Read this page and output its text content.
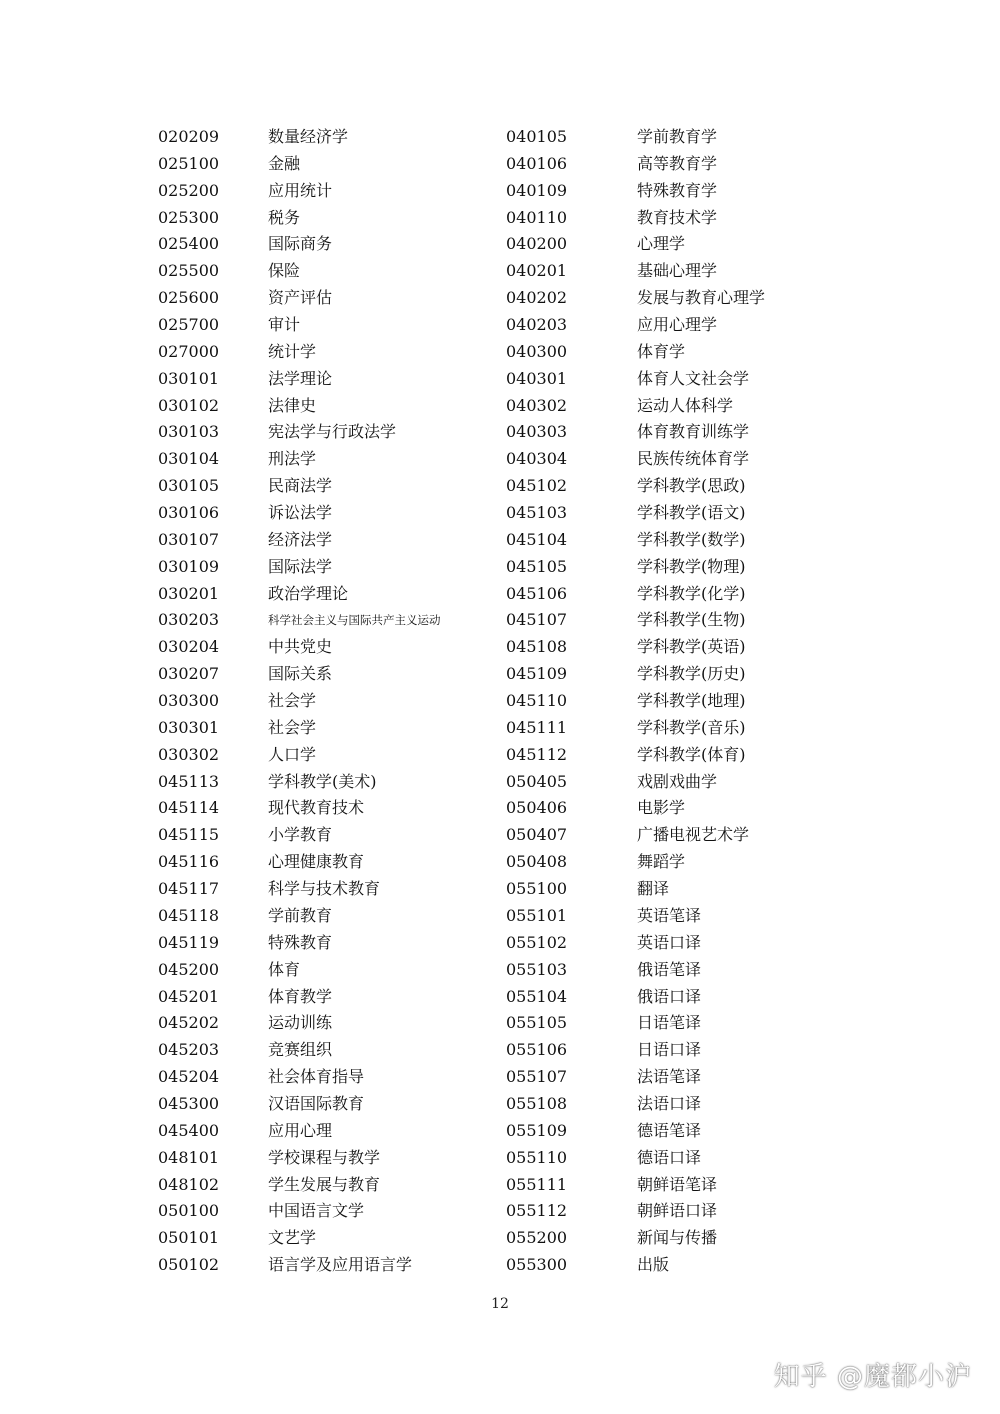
020209	数量经济学	040105	学前教育学
025100	金融	040106	高等教育学
025200	应用统计	040109	特殊教育学
025300	税务	040110	教育技术学
025400	国际商务	040200	心理学
025500	保险	040201	基础心理学
025600	资产评估	040202	发展与教育心理学
025700	审计	040203	应用心理学
027000	统计学	040300	体育学
030101	法学理论	040301	体育人文社会学
030102	法律史	040302	运动人体科学
030103	宪法学与行政法学	040303	体育教育训练学
030104	刑法学	040304	民族传统体育学
030105	民商法学	045102	学科教学(思政)
030106	诉讼法学	045103	学科教学(语文)
030107	经济法学	045104	学科教学(数学)
030109	国际法学	045105	学科教学(物理)
030201	政治学理论	045106	学科教学(化学)
030203	科学社会主义与国际共产主义运动	045107	学科教学(生物)
030204	中共党史	045108	学科教学(英语)
030207	国际关系	045109	学科教学(历史)
030300	社会学	045110	学科教学(地理)
030301	社会学	045111	学科教学(音乐)
030302	人口学	045112	学科教学(体育)
045113	学科教学(美术)	050405	戏剧戏曲学
045114	现代教育技术	050406	电影学
045115	小学教育	050407	广播电视艺术学
045116	心理健康教育	050408	舞蹈学
045117	科学与技术教育	055100	翻译
045118	学前教育	055101	英语笔译
045119	特殊教育	055102	英语口译
045200	体育	055103	俄语笔译
045201	体育教学	055104	俄语口译
045202	运动训练	055105	日语笔译
045203	竞赛组织	055106	日语口译
045204	社会体育指导	055107	法语笔译
045300	汉语国际教育	055108	法语口译
045400	应用心理	055109	德语笔译
048101	学校课程与教学	055110	德语口译
048102	学生发展与教育	055111	朝鲜语笔译
050100	中国语言文学	055112	朝鲜语口译
050101	文艺学	055200	新闻与传播
050102	语言学及应用语言学	055300	出版
12
知乎 @魔都小沪
